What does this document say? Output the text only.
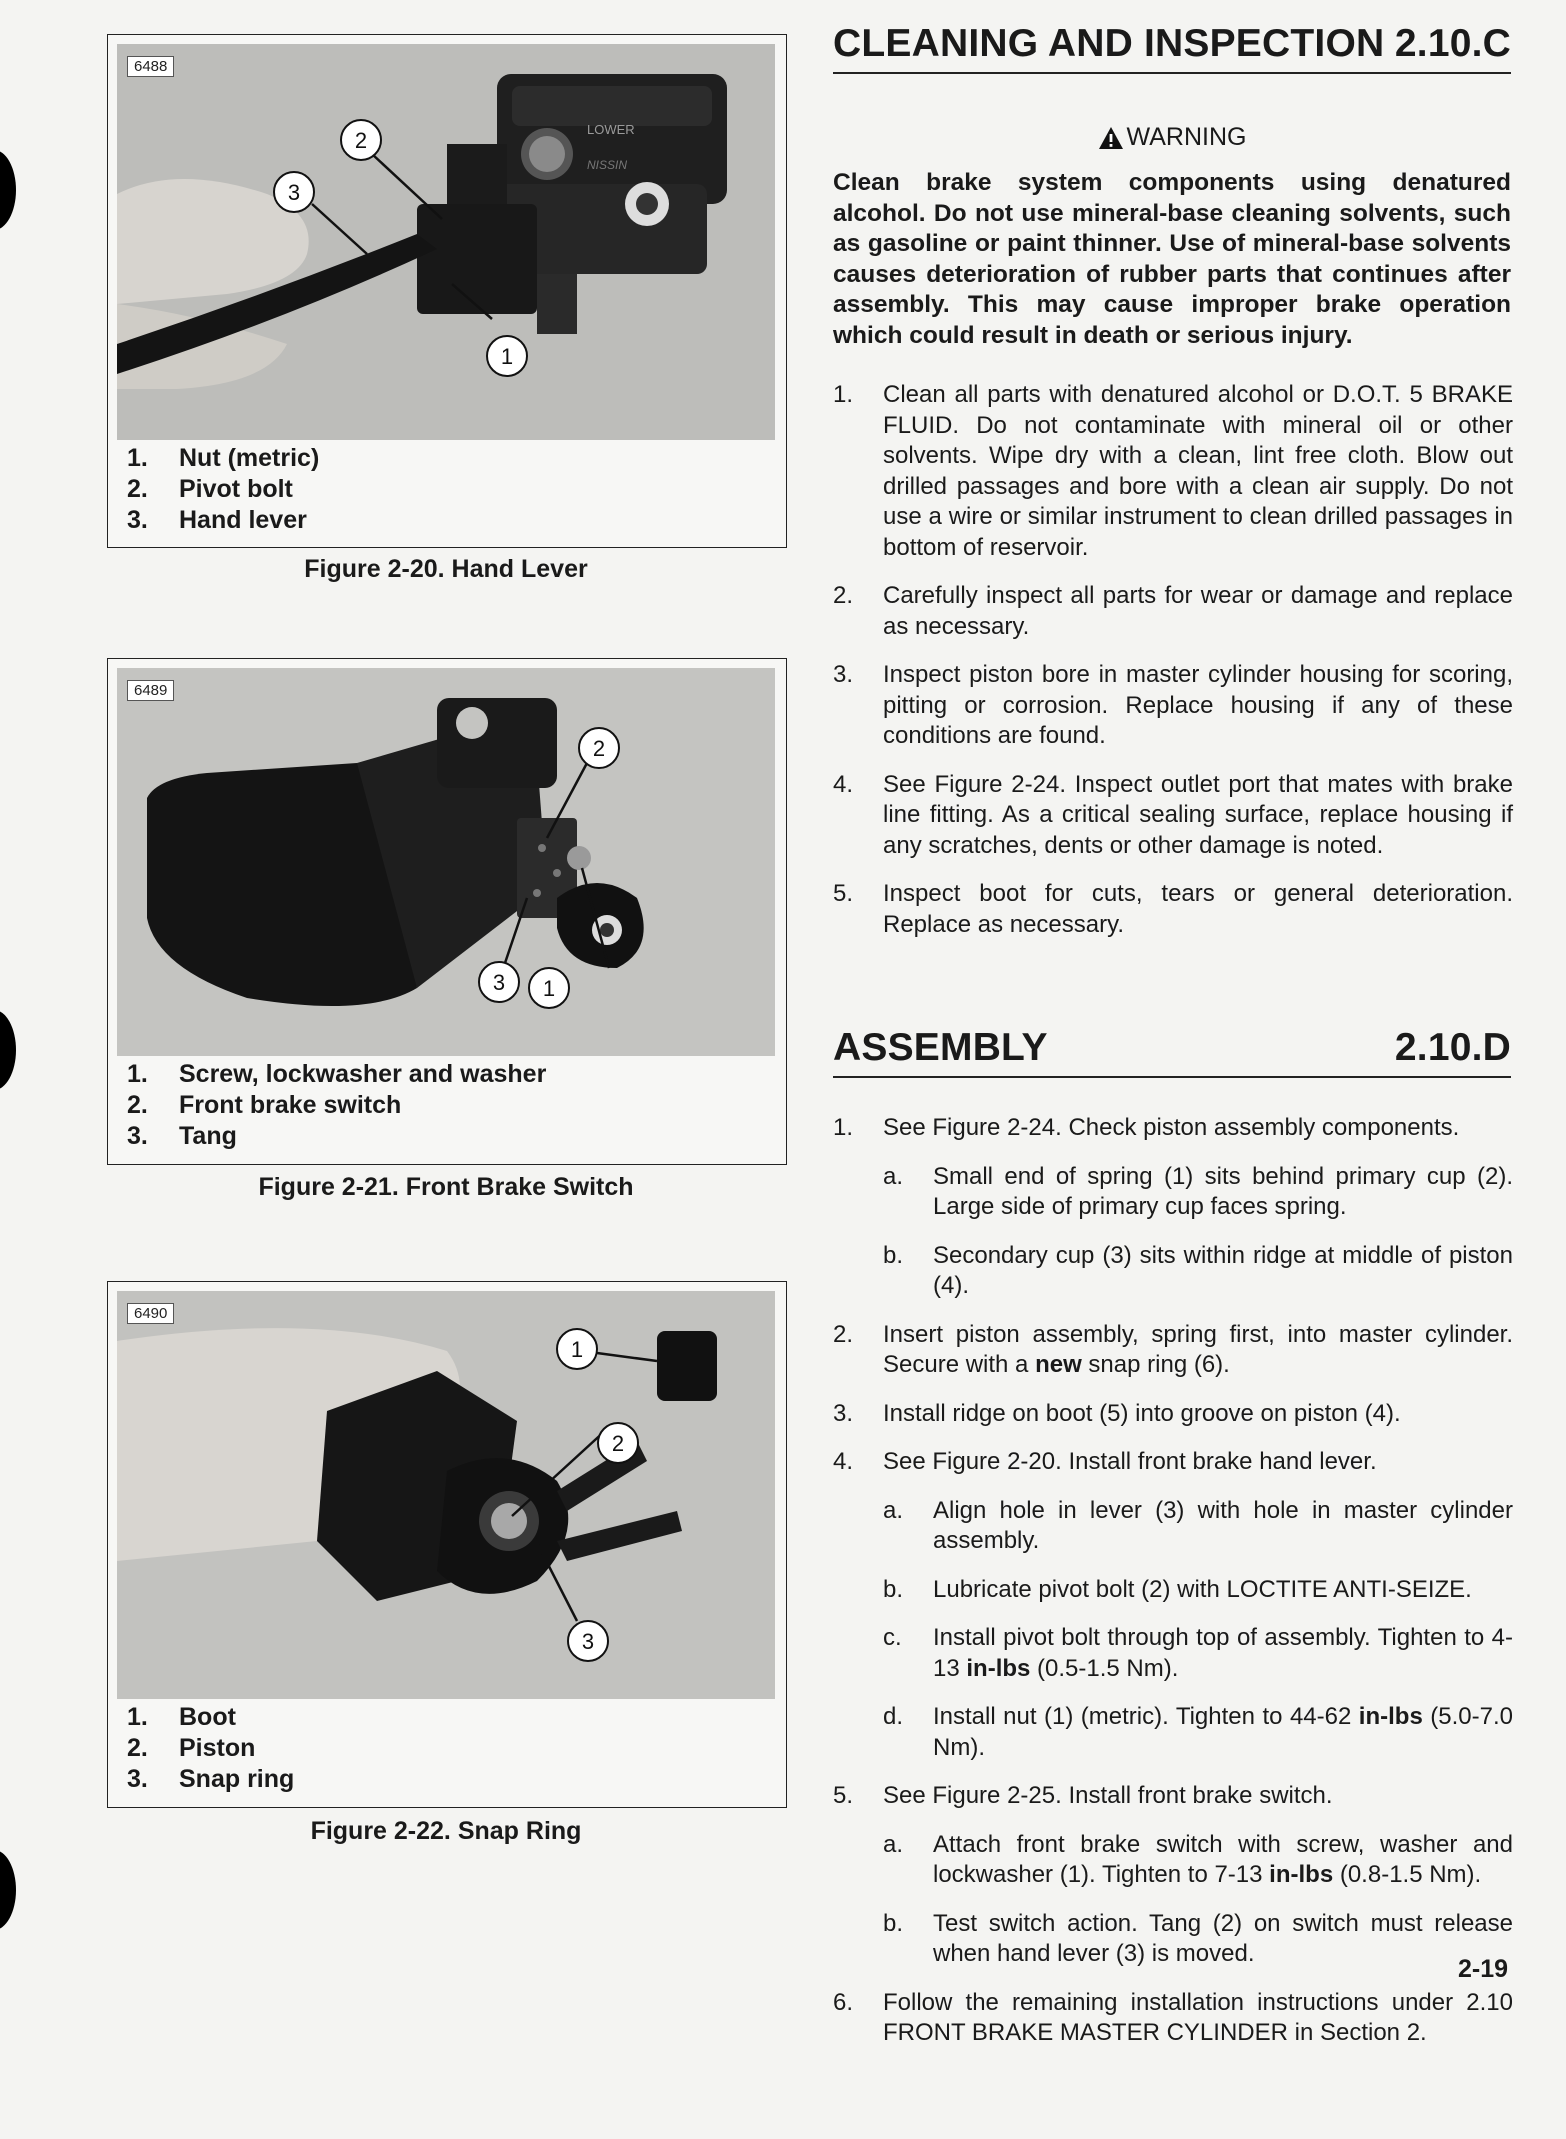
LOWER
NISSIN
2
3
1
6488
1.	Nut (metric)
2.	Pivot bolt
3.	Hand lever
Figure 2-20. Hand Lever
2
3 1
6489
1.	Screw, lockwasher and washer
2.	Front brake switch
3.	Tang
Figure 2-21. Front Brake Switch
1
2
3
6490
1.	Boot
2.	Piston
3.	Snap ring
Figure 2-22. Snap Ring
CLEANING AND INSPECTION 2.10.C
WARNING

Clean brake system components using denatured alcohol. Do not use mineral-base cleaning solvents, such as gasoline or paint thinner. Use of mineral-base solvents causes deterioration of rubber parts that continues after assembly. This may cause improper brake operation which could result in death or serious injury.

1.	Clean all parts with denatured alcohol or D.O.T. 5 BRAKE FLUID. Do not contaminate with mineral oil or other solvents. Wipe dry with a clean, lint free cloth. Blow out drilled passages and bore with a clean air supply. Do not use a wire or similar instrument to clean drilled passages in bottom of reservoir.
2.	Carefully inspect all parts for wear or damage and replace as necessary.
3.	Inspect piston bore in master cylinder housing for scoring, pitting or corrosion. Replace housing if any of these conditions are found.
4.	See Figure 2-24. Inspect outlet port that mates with brake line fitting. As a critical sealing surface, replace housing if any scratches, dents or other damage is noted.
5.	Inspect boot for cuts, tears or general deterioration. Replace as necessary.
ASSEMBLY	2.10.D
1.	See Figure 2-24. Check piston assembly components.
a.	Small end of spring (1) sits behind primary cup (2). Large side of primary cup faces spring.
b.	Secondary cup (3) sits within ridge at middle of piston (4).
2.	Insert piston assembly, spring first, into master cylinder. Secure with a new snap ring (6).
3.	Install ridge on boot (5) into groove on piston (4).
4.	See Figure 2-20. Install front brake hand lever.
a.	Align hole in lever (3) with hole in master cylinder assembly.
b.	Lubricate pivot bolt (2) with LOCTITE ANTI-SEIZE.
c.	Install pivot bolt through top of assembly. Tighten to 4-13 in-lbs (0.5-1.5 Nm).
d.	Install nut (1) (metric). Tighten to 44-62 in-lbs (5.0-7.0 Nm).
5.	See Figure 2-25. Install front brake switch.
a.	Attach front brake switch with screw, washer and lockwasher (1). Tighten to 7-13 in-lbs (0.8-1.5 Nm).
b.	Test switch action. Tang (2) on switch must release when hand lever (3) is moved.
6.	Follow the remaining installation instructions under 2.10 FRONT BRAKE MASTER CYLINDER in Section 2.
2-19
